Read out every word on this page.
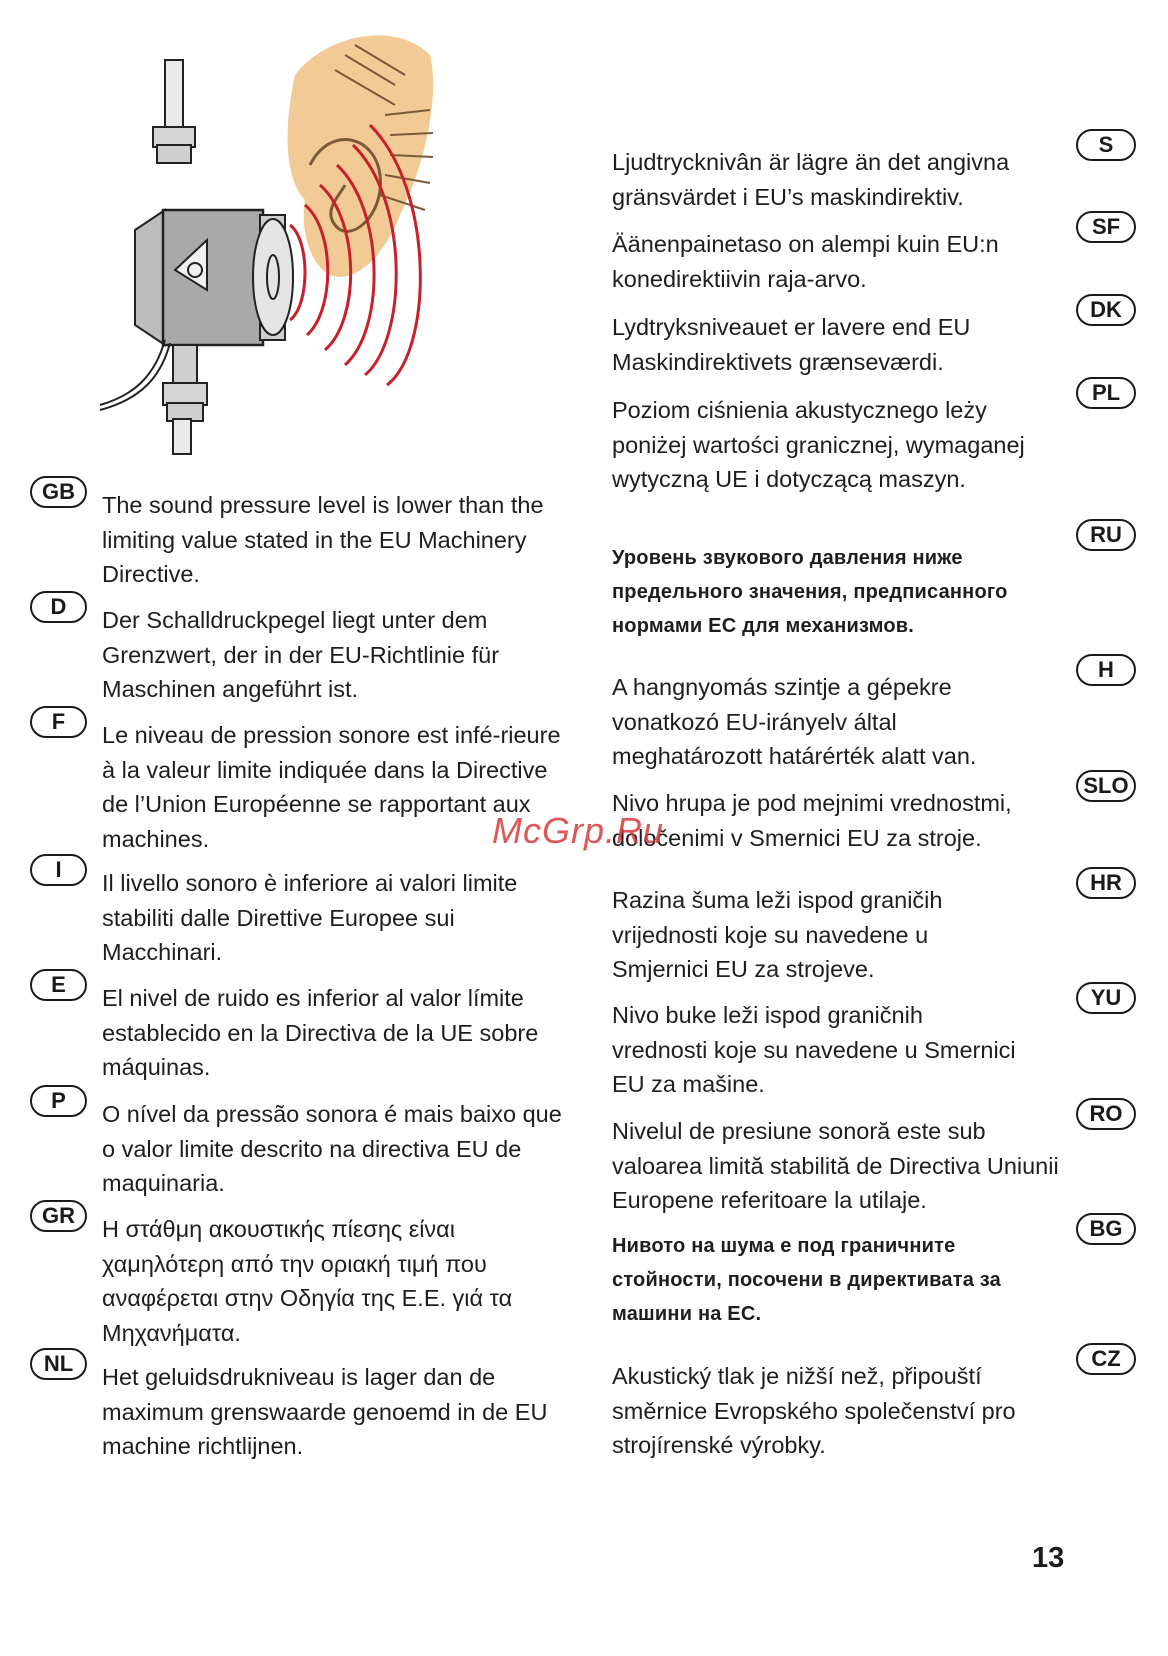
GB
The sound pressure level is lower than the limiting value stated in the EU Machinery Directive.
D
Der Schalldruckpegel liegt unter dem Grenzwert, der in der EU-Richtlinie für Maschinen angeführt ist.
F
Le niveau de pression sonore est infé-rieure à la valeur limite indiquée dans la Directive de l’Union Européenne se rapportant aux machines.
I
Il livello sonoro è inferiore ai valori limite stabiliti dalle Direttive Europee sui Macchinari.
E
El nivel de ruido es inferior al valor límite establecido en la Directiva de la UE sobre máquinas.
P
O nível da pressão sonora é mais baixo que o valor limite descrito na directiva EU de maquinaria.
GR
Η στάθμη ακουστικής πίεσης είναι χαμηλότερη από την οριακή τιμή που αναφέρεται στην Οδηγία της Ε.Ε. γιά τα Μηχανήματα.
NL
Het geluidsdrukniveau is lager dan de maximum grenswaarde genoemd in de EU machine richtlijnen.
Ljudtrycknivân är lägre än det angivna gränsvärdet i EU’s maskindirektiv.
S
Äänenpainetaso on alempi kuin EU:n konedirektiivin raja-arvo.
SF
Lydtryksniveauet er lavere end EU Maskindirektivets grænseværdi.
DK
Poziom ciśnienia akustycznego leży poniżej wartości granicznej, wymaganej wytyczną UE i dotyczącą maszyn.
PL
Уровень звукового давления ниже предельного значения, предписанного нормами ЕС для механизмов.
RU
A hangnyomás szintje a gépekre vonatkozó EU-irányelv által meghatározott határérték alatt van.
H
Nivo hrupa je pod mejnimi vrednostmi, določenimi v Smernici EU za stroje.
SLO
Razina šuma leži ispod graničih vrijednosti koje su navedene u Smjernici EU za strojeve.
HR
Nivo buke leži ispod graničnih vrednosti koje su navedene u Smernici EU za mašine.
YU
Nivelul de presiune sonoră este sub valoarea limită stabilită de Directiva Uniunii Europene referitoare la utilaje.
RO
Нивото на шума е под граничните стойности, посочени в директивата за машини на ЕС.
BG
Akustický tlak je nižší než, připouští směrnice Evropského společenství pro strojírenské výrobky.
CZ
McGrp.Ru
13
